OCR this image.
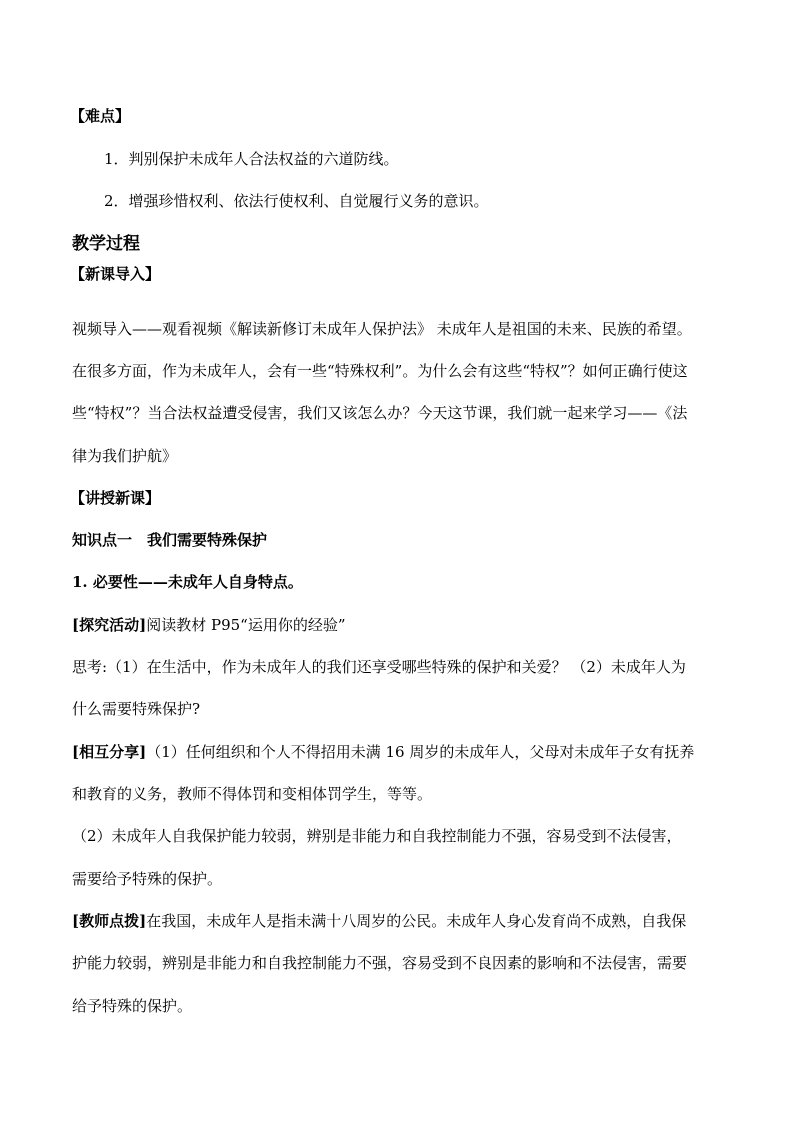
【难点】
1．判别保护未成年人合法权益的六道防线。
2．增强珍惜权利、依法行使权利、自觉履行义务的意识。
教学过程
【新课导入】
视频导入——观看视频《解读新修订未成年人保护法》 未成年人是祖国的未来、民族的希望。
在很多方面，作为未成年人，会有一些“特殊权利”。为什么会有这些“特权”？如何正确行使这
些“特权”？当合法权益遭受侵害，我们又该怎么办？今天这节课，我们就一起来学习——《法
律为我们护航》
【讲授新课】
知识点一　我们需要特殊保护
1. 必要性——未成年人自身特点。
[探究活动]阅读教材 P95“运用你的经验”
思考:（1）在生活中，作为未成年人的我们还享受哪些特殊的保护和关爱？ （2）未成年人为
什么需要特殊保护?
[相互分享]（1）任何组织和个人不得招用未满 16 周岁的未成年人，父母对未成年子女有抚养
和教育的义务，教师不得体罚和变相体罚学生，等等。
（2）未成年人自我保护能力较弱，辨别是非能力和自我控制能力不强，容易受到不法侵害，
需要给予特殊的保护。
[教师点拨]在我国，未成年人是指未满十八周岁的公民。未成年人身心发育尚不成熟，自我保
护能力较弱，辨别是非能力和自我控制能力不强，容易受到不良因素的影响和不法侵害，需要
给予特殊的保护。
